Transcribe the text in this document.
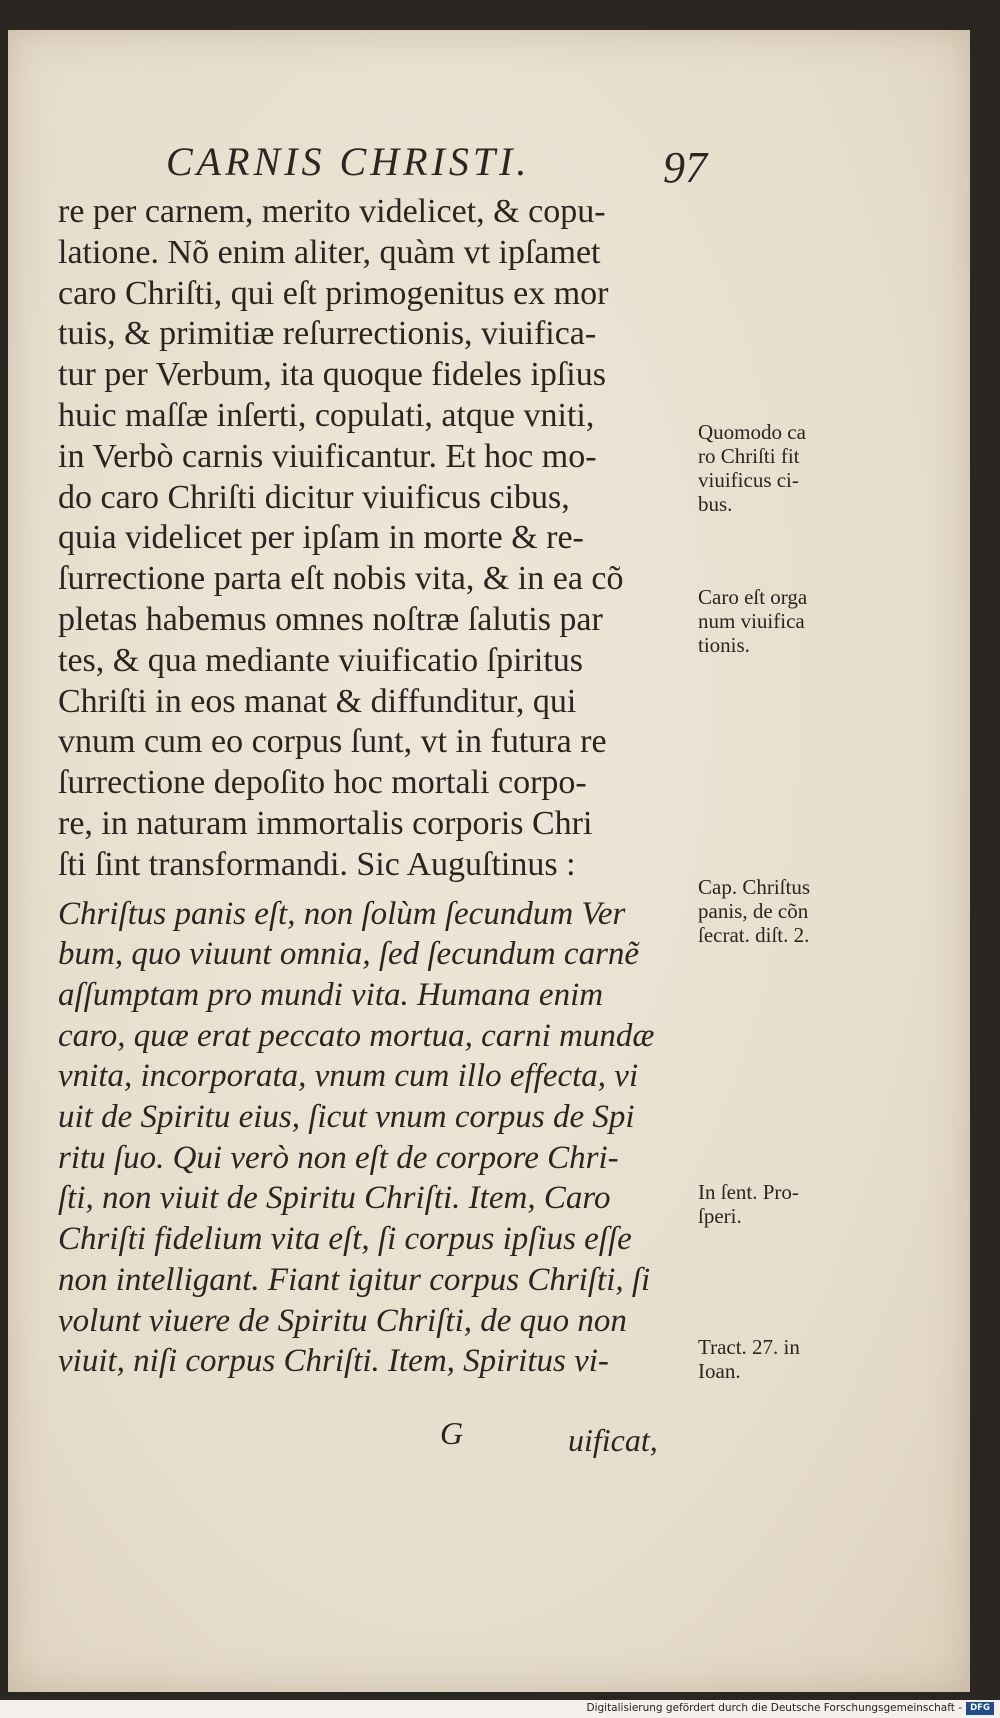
CARNIS CHRISTI.	97
re per carnem, merito videlicet, & copu-
latione. Nõ enim aliter, quàm vt ipſamet
caro Chriſti, qui eſt primogenitus ex mor
tuis, & primitiæ reſurrectionis, viuifica-
tur per Verbum, ita quoque fideles ipſius
huic maſſæ inſerti, copulati, atque vniti,
in Verbò carnis viuificantur. Et hoc mo-
do caro Chriſti dicitur viuificus cibus,
quia videlicet per ipſam in morte & re-
ſurrectione parta eſt nobis vita, & in ea cõ
pletas habemus omnes noſtræ ſalutis par
tes, & qua mediante viuificatio ſpiritus
Chriſti in eos manat & diffunditur, qui
vnum cum eo corpus ſunt, vt in futura re
ſurrectione depoſito hoc mortali corpo-
re, in naturam immortalis corporis Chri
ſti ſint transformandi. Sic Auguſtinus :
Chriſtus panis eſt, non ſolùm ſecundum Ver
bum, quo viuunt omnia, ſed ſecundum carnẽ
aſſumptam pro mundi vita. Humana enim
caro, quæ erat peccato mortua, carni mundæ
vnita, incorporata, vnum cum illo effecta, vi
uit de Spiritu eius, ſicut vnum corpus de Spi
ritu ſuo. Qui verò non eſt de corpore Chri-
ſti, non viuit de Spiritu Chriſti. Item, Caro
Chriſti fidelium vita eſt, ſi corpus ipſius eſſe
non intelligant. Fiant igitur corpus Chriſti, ſi
volunt viuere de Spiritu Chriſti, de quo non
viuit, niſi corpus Chriſti. Item, Spiritus vi-
Quomodo ca
ro Chriſti fit
viuificus ci-
bus.
Caro eſt orga
num viuifica
tionis.
Cap. Chriſtus
panis, de cõn
ſecrat. diſt. 2.
In ſent. Pro-
ſperi.
Tract. 27. in
Ioan.
G	uificat,
Digitalisierung gefördert durch die Deutsche Forschungsgemeinschaft - DFG
